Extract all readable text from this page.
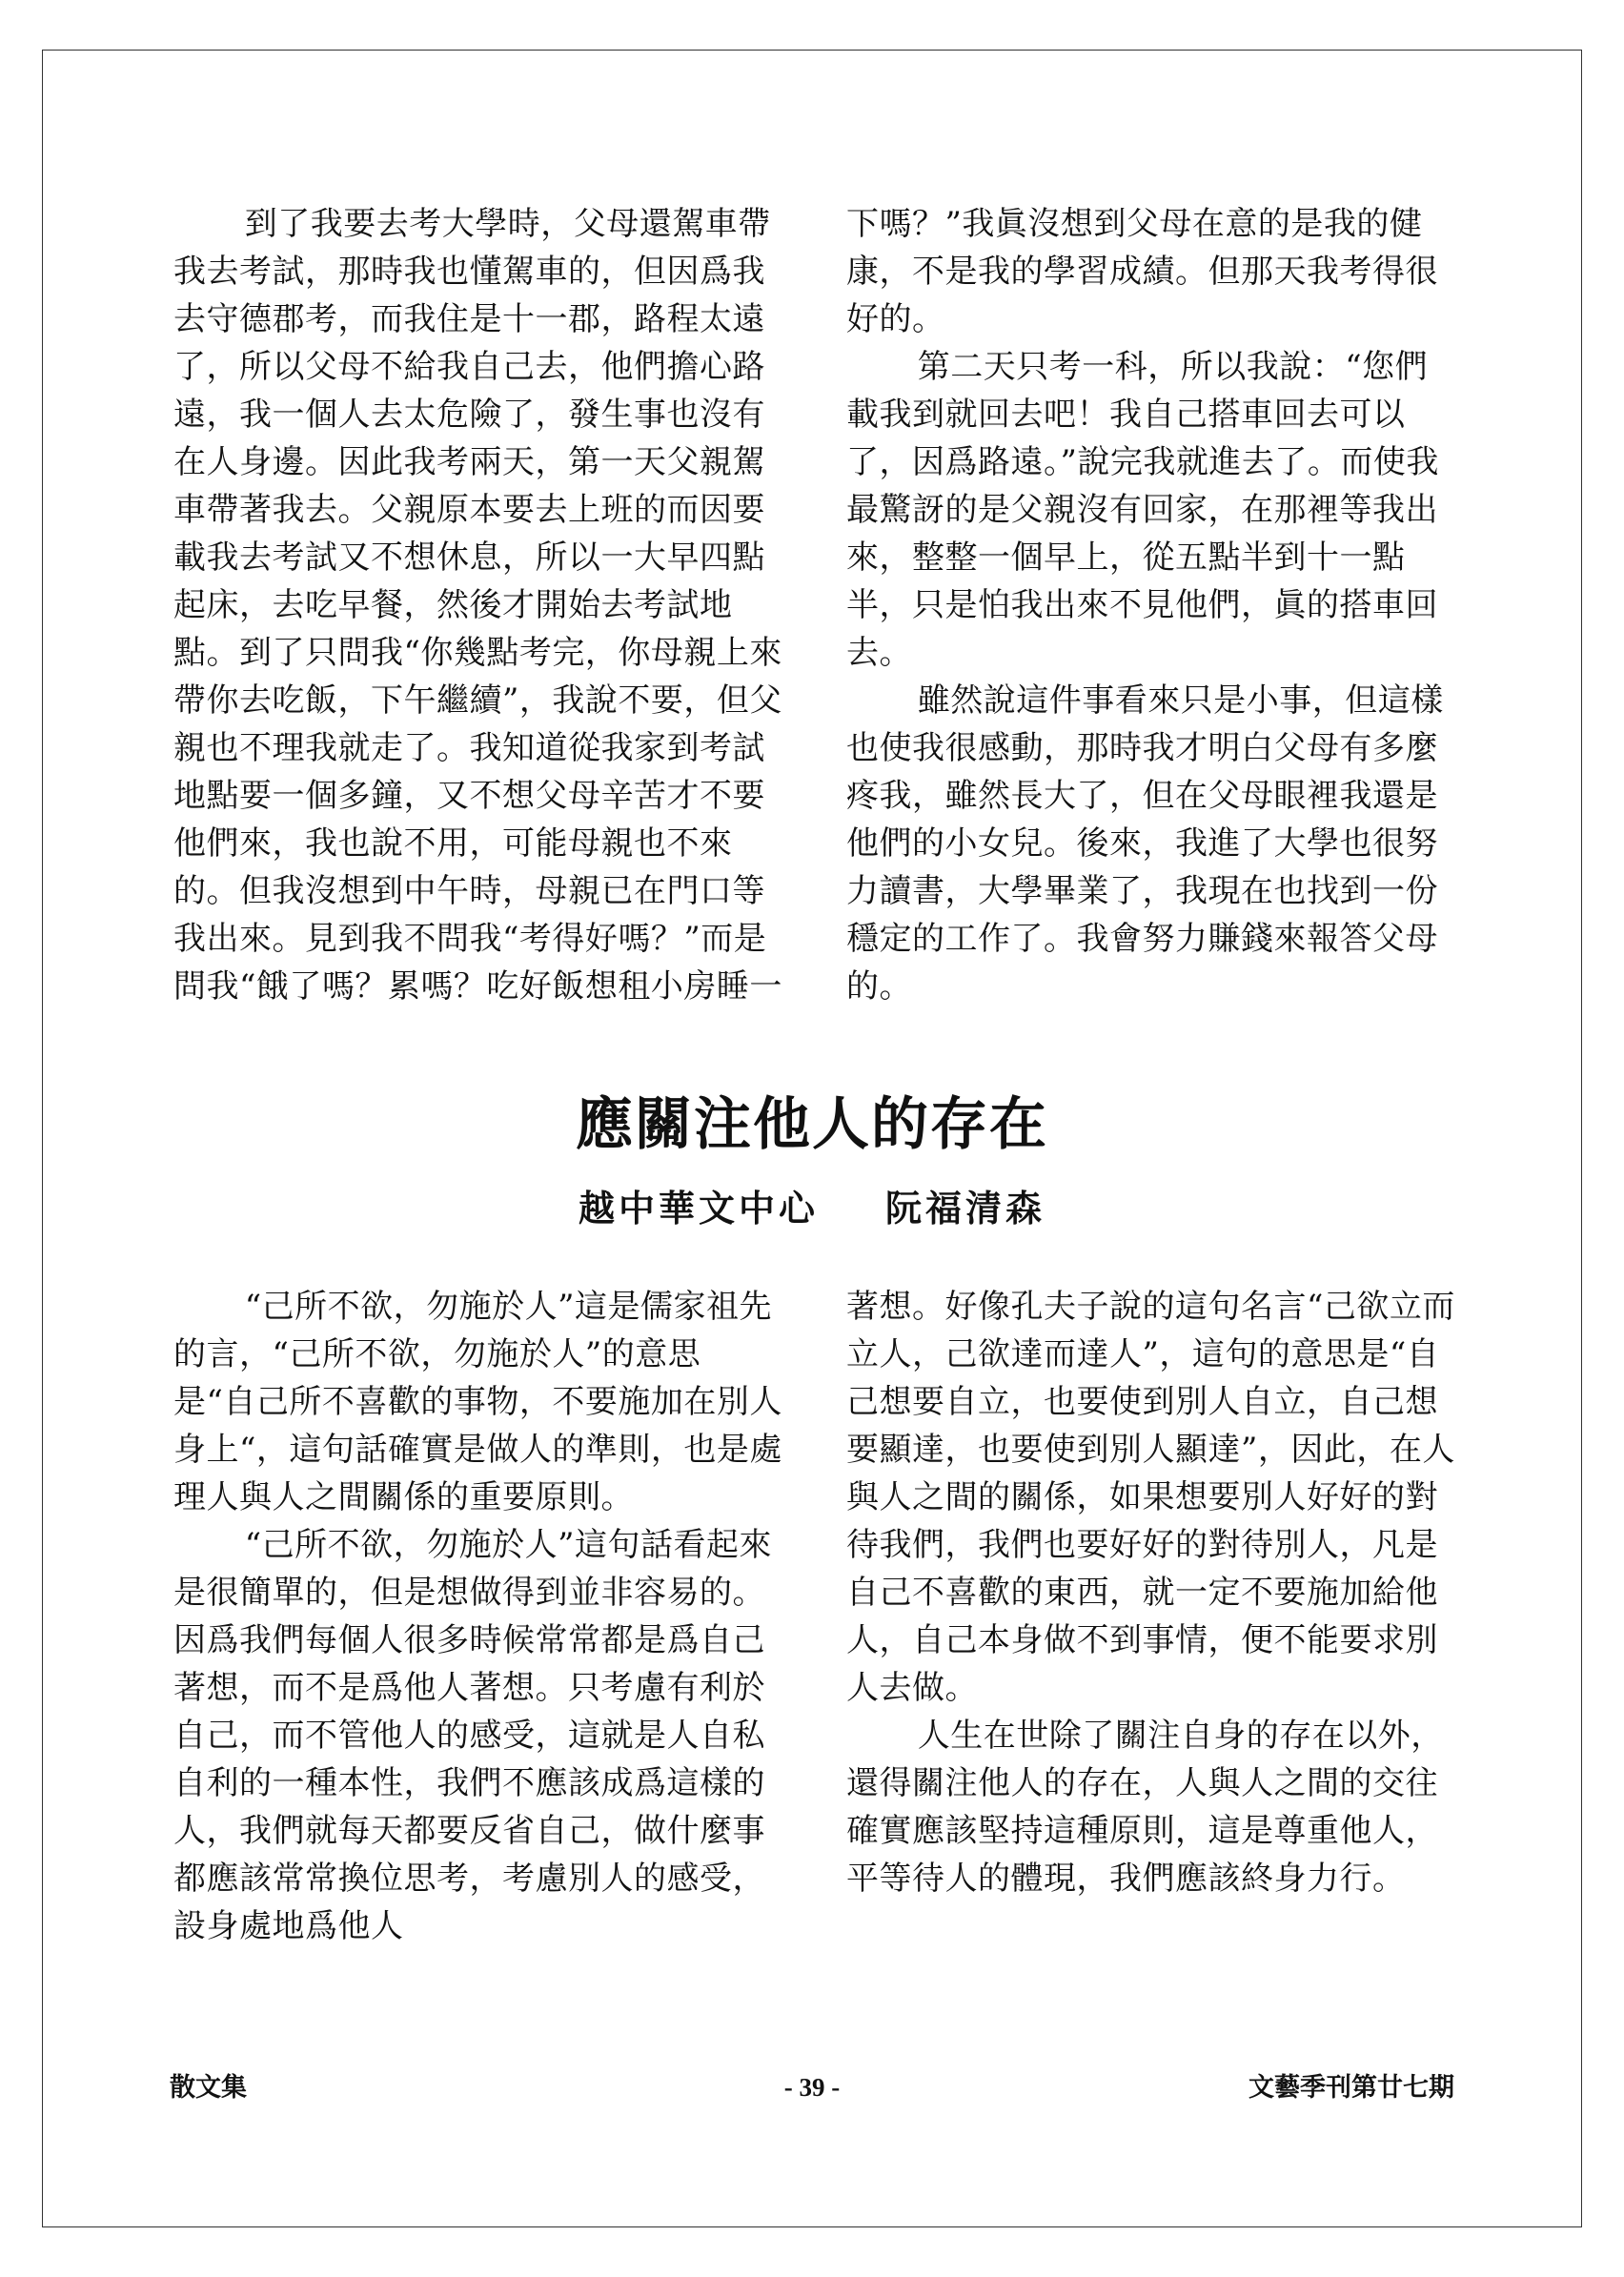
到了我要去考大學時，父母還駕車帶我去考試，那時我也懂駕車的，但因爲我去守德郡考，而我住是十一郡，路程太遠了，所以父母不給我自己去，他們擔心路遠，我一個人去太危險了，發生事也沒有在人身邊。因此我考兩天，第一天父親駕車帶著我去。父親原本要去上班的而因要載我去考試又不想休息，所以一大早四點起床，去吃早餐，然後才開始去考試地點。到了只問我“你幾點考完，你母親上來帶你去吃飯，下午繼續”，我說不要，但父親也不理我就走了。我知道從我家到考試地點要一個多鐘，又不想父母辛苦才不要他們來，我也說不用，可能母親也不來的。但我沒想到中午時，母親已在門口等我出來。見到我不問我“考得好嗎？”而是問我“餓了嗎？累嗎？吃好飯想租小房睡一

下嗎？”我眞沒想到父母在意的是我的健康，不是我的學習成績。但那天我考得很好的。

第二天只考一科，所以我說：“您們載我到就回去吧！我自己搭車回去可以了，因爲路遠。”說完我就進去了。而使我最驚訝的是父親沒有回家，在那裡等我出來，整整一個早上，從五點半到十一點半，只是怕我出來不見他們，眞的搭車回去。

雖然說這件事看來只是小事，但這樣也使我很感動，那時我才明白父母有多麼疼我，雖然長大了，但在父母眼裡我還是他們的小女兒。後來，我進了大學也很努力讀書，大學畢業了，我現在也找到一份穩定的工作了。我會努力賺錢來報答父母的。

應關注他人的存在
越中華文中心 阮福清森

“己所不欲，勿施於人”這是儒家祖先的言，“己所不欲，勿施於人”的意思是“自己所不喜歡的事物，不要施加在別人身上“，這句話確實是做人的準則，也是處理人與人之間關係的重要原則。

“己所不欲，勿施於人”這句話看起來是很簡單的，但是想做得到並非容易的。因爲我們每個人很多時候常常都是爲自己著想，而不是爲他人著想。只考慮有利於自己，而不管他人的感受，這就是人自私自利的一種本性，我們不應該成爲這樣的人，我們就每天都要反省自己，做什麼事都應該常常換位思考，考慮別人的感受，設身處地爲他人

著想。好像孔夫子說的這句名言“己欲立而立人，己欲達而達人”，這句的意思是“自己想要自立，也要使到別人自立，自己想要顯達，也要使到別人顯達”，因此，在人與人之間的關係，如果想要別人好好的對待我們，我們也要好好的對待別人，凡是自己不喜歡的東西，就一定不要施加給他人，自己本身做不到事情，便不能要求別人去做。

人生在世除了關注自身的存在以外，還得關注他人的存在，人與人之間的交往確實應該堅持這種原則，這是尊重他人，平等待人的體現，我們應該終身力行。

散文集	- 39 -	文藝季刊第廿七期
